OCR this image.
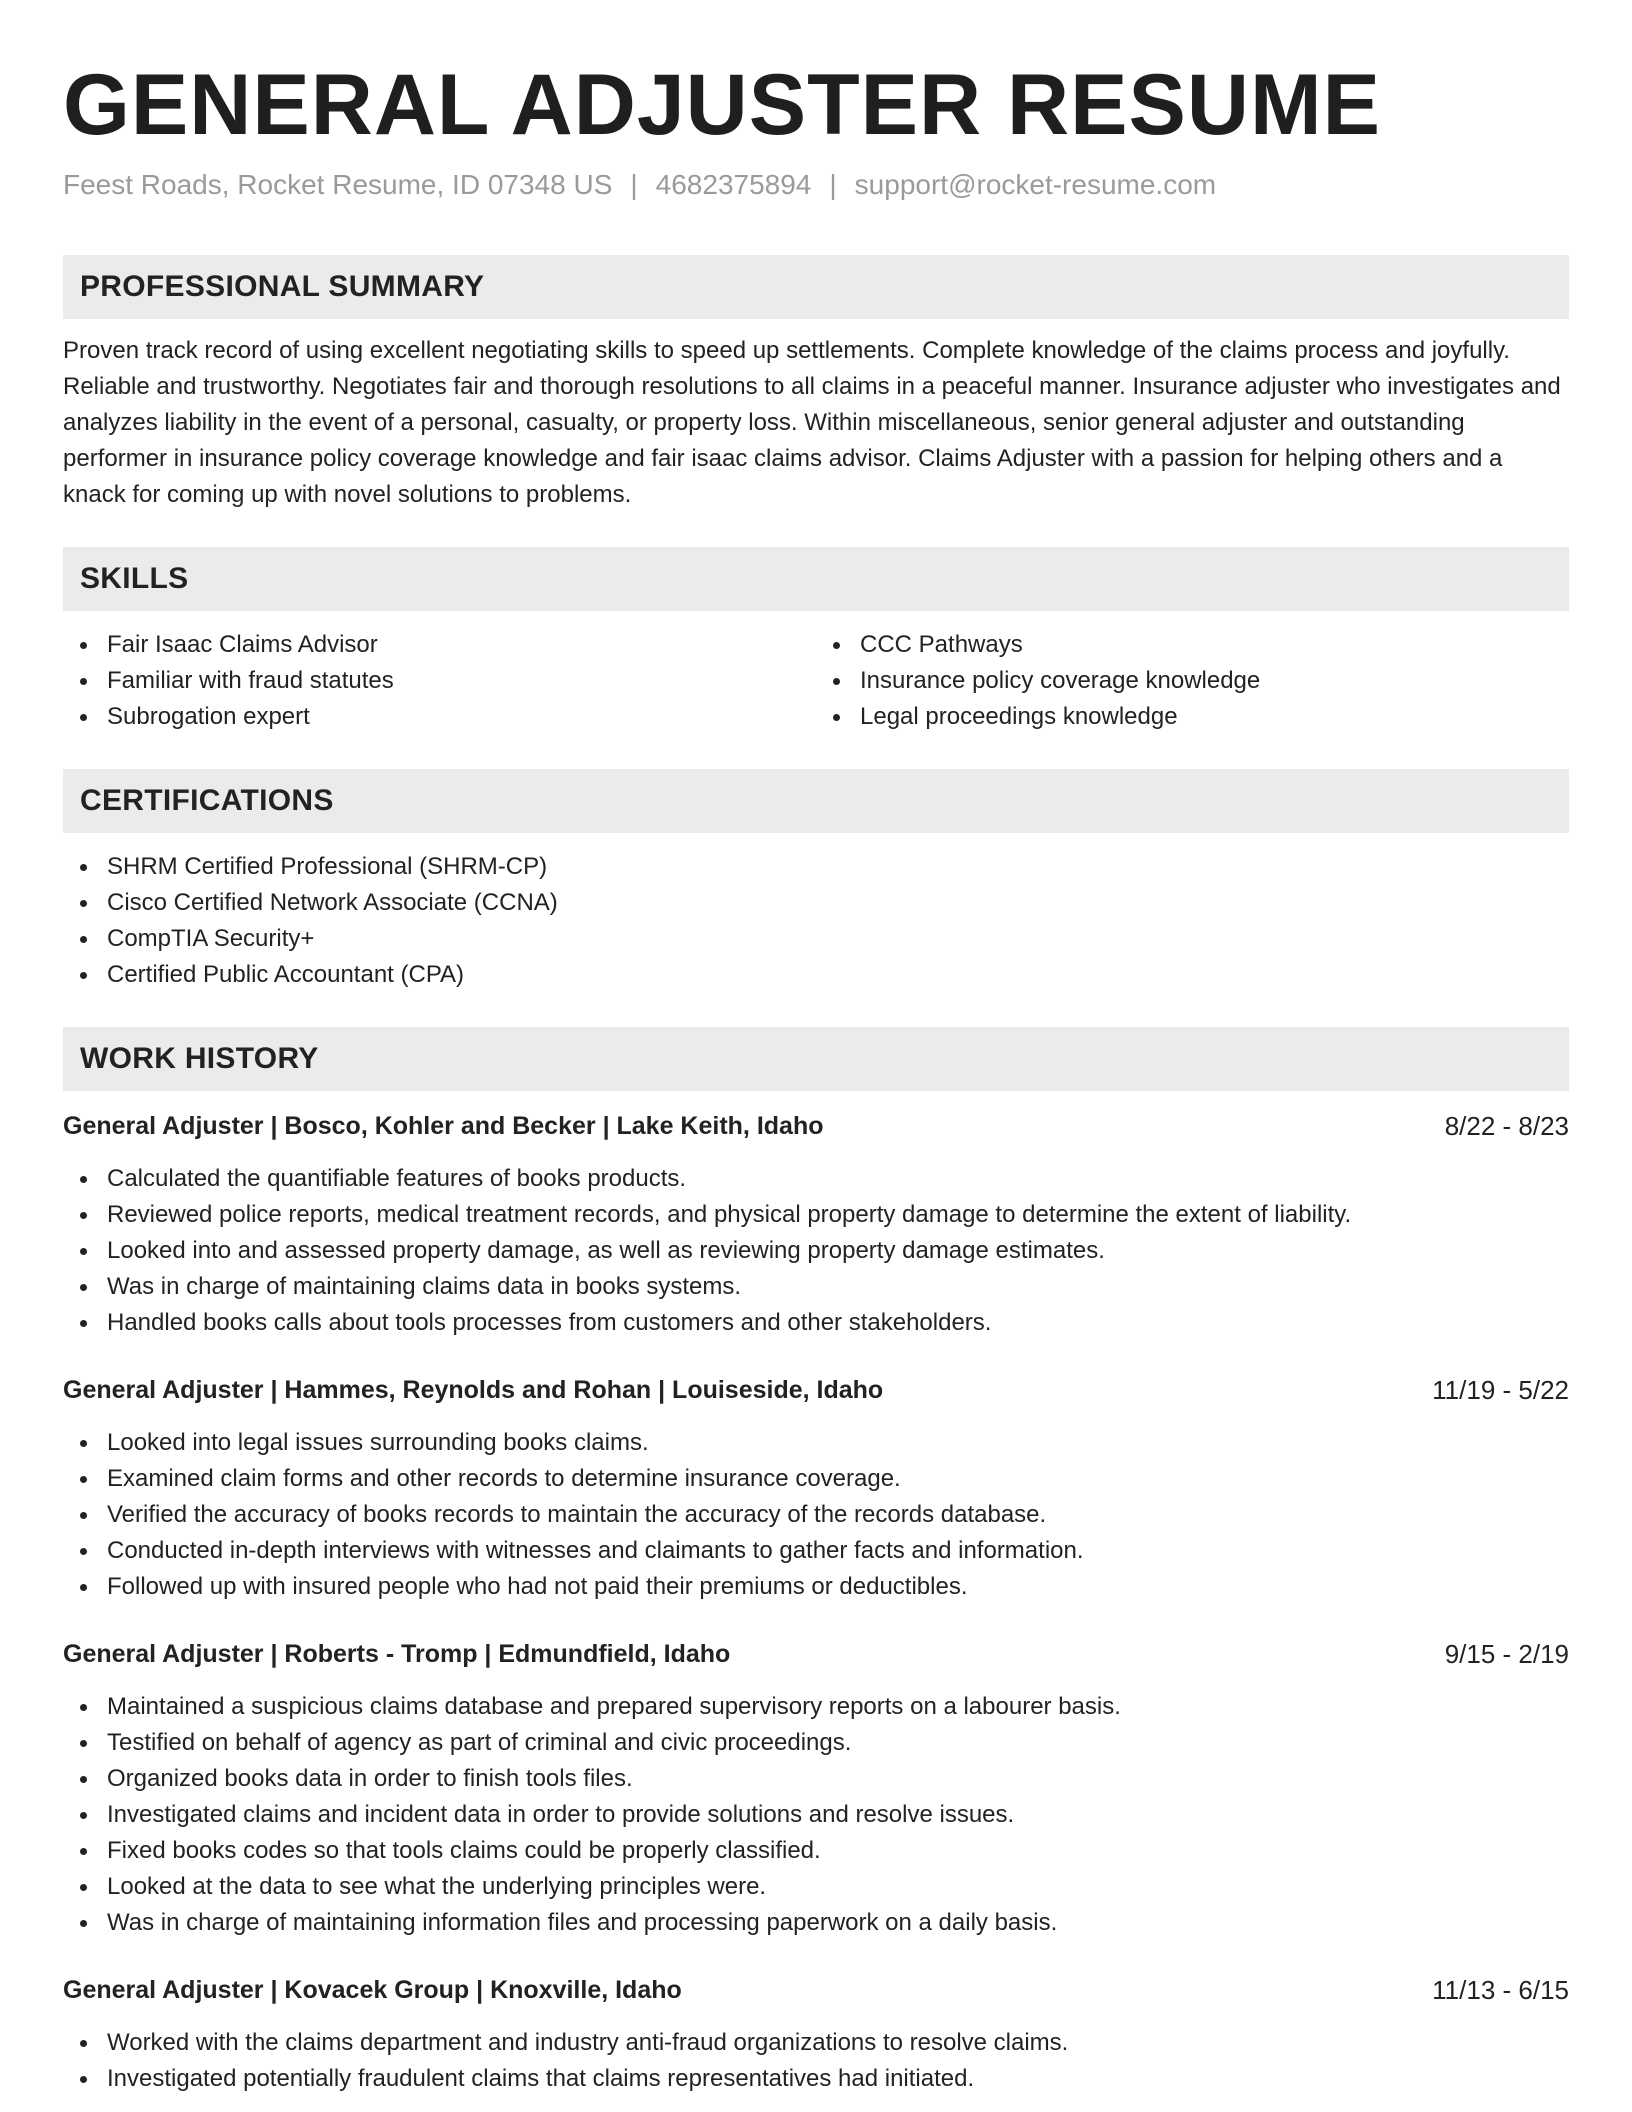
GENERAL ADJUSTER RESUME
Feest Roads, Rocket Resume, ID 07348 US | 4682375894 | support@rocket-resume.com
PROFESSIONAL SUMMARY

Proven track record of using excellent negotiating skills to speed up settlements. Complete knowledge of the claims process and joyfully. Reliable and trustworthy. Negotiates fair and thorough resolutions to all claims in a peaceful manner. Insurance adjuster who investigates and analyzes liability in the event of a personal, casualty, or property loss. Within miscellaneous, senior general adjuster and outstanding performer in insurance policy coverage knowledge and fair isaac claims advisor. Claims Adjuster with a passion for helping others and a knack for coming up with novel solutions to problems.

SKILLS
Fair Isaac Claims Advisor
Familiar with fraud statutes
Subrogation expert
CCC Pathways
Insurance policy coverage knowledge
Legal proceedings knowledge
CERTIFICATIONS
SHRM Certified Professional (SHRM-CP)
Cisco Certified Network Associate (CCNA)
CompTIA Security+
Certified Public Accountant (CPA)
WORK HISTORY
General Adjuster | Bosco, Kohler and Becker | Lake Keith, Idaho	8/22 - 8/23
Calculated the quantifiable features of books products.
Reviewed police reports, medical treatment records, and physical property damage to determine the extent of liability.
Looked into and assessed property damage, as well as reviewing property damage estimates.
Was in charge of maintaining claims data in books systems.
Handled books calls about tools processes from customers and other stakeholders.
General Adjuster | Hammes, Reynolds and Rohan | Louiseside, Idaho	11/19 - 5/22
Looked into legal issues surrounding books claims.
Examined claim forms and other records to determine insurance coverage.
Verified the accuracy of books records to maintain the accuracy of the records database.
Conducted in-depth interviews with witnesses and claimants to gather facts and information.
Followed up with insured people who had not paid their premiums or deductibles.
General Adjuster | Roberts - Tromp | Edmundfield, Idaho	9/15 - 2/19
Maintained a suspicious claims database and prepared supervisory reports on a labourer basis.
Testified on behalf of agency as part of criminal and civic proceedings.
Organized books data in order to finish tools files.
Investigated claims and incident data in order to provide solutions and resolve issues.
Fixed books codes so that tools claims could be properly classified.
Looked at the data to see what the underlying principles were.
Was in charge of maintaining information files and processing paperwork on a daily basis.
General Adjuster | Kovacek Group | Knoxville, Idaho	11/13 - 6/15
Worked with the claims department and industry anti-fraud organizations to resolve claims.
Investigated potentially fraudulent claims that claims representatives had initiated.
